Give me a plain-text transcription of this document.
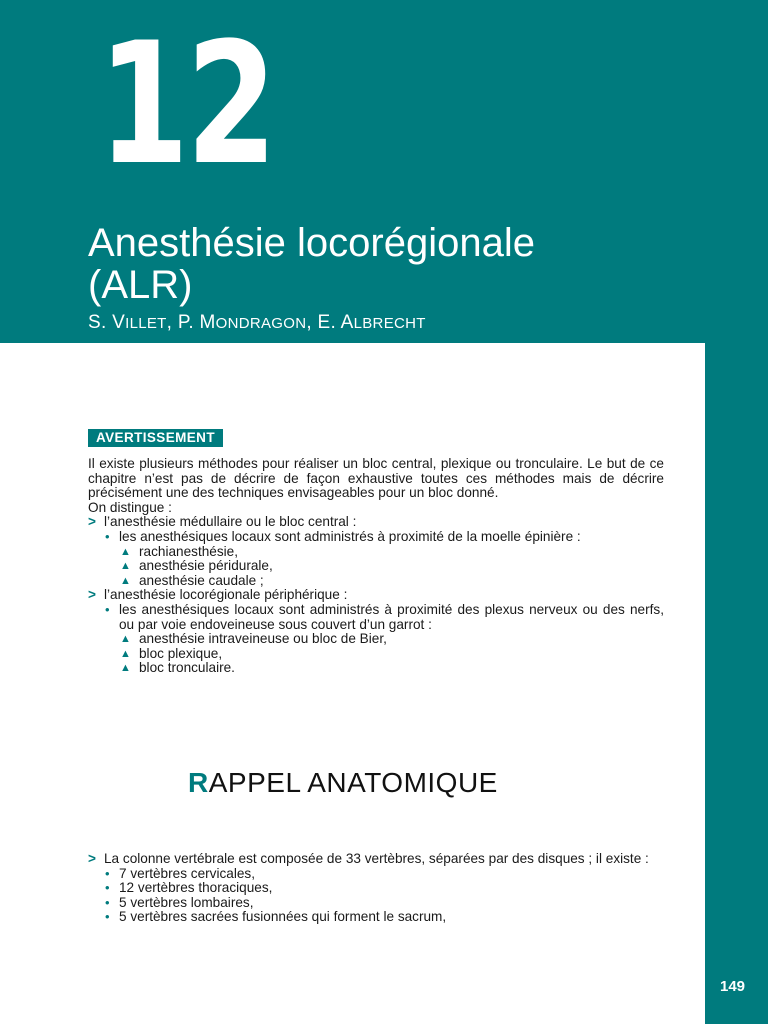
12
Anesthésie locorégionale
(ALR)
S. VILLET, P. MONDRAGON, E. ALBRECHT
AVERTISSEMENT

Il existe plusieurs méthodes pour réaliser un bloc central, plexique ou tronculaire. Le but de ce chapitre n’est pas de décrire de façon exhaustive toutes ces méthodes mais de décrire précisément une des techniques envisageables pour un bloc donné.

On distingue :

> l’anesthésie médullaire ou le bloc central :

• les anesthésiques locaux sont administrés à proximité de la moelle épinière :

▲ rachianesthésie,

▲ anesthésie péridurale,

▲ anesthésie caudale ;

> l’anesthésie locorégionale périphérique :

• les anesthésiques locaux sont administrés à proximité des plexus nerveux ou des nerfs, ou par voie endoveineuse sous couvert d’un garrot :

▲ anesthésie intraveineuse ou bloc de Bier,

▲ bloc plexique,

▲ bloc tronculaire.

RAPPEL ANATOMIQUE

> La colonne vertébrale est composée de 33 vertèbres, séparées par des disques ; il existe :

• 7 vertèbres cervicales,

• 12 vertèbres thoraciques,

• 5 vertèbres lombaires,

• 5 vertèbres sacrées fusionnées qui forment le sacrum,

149
